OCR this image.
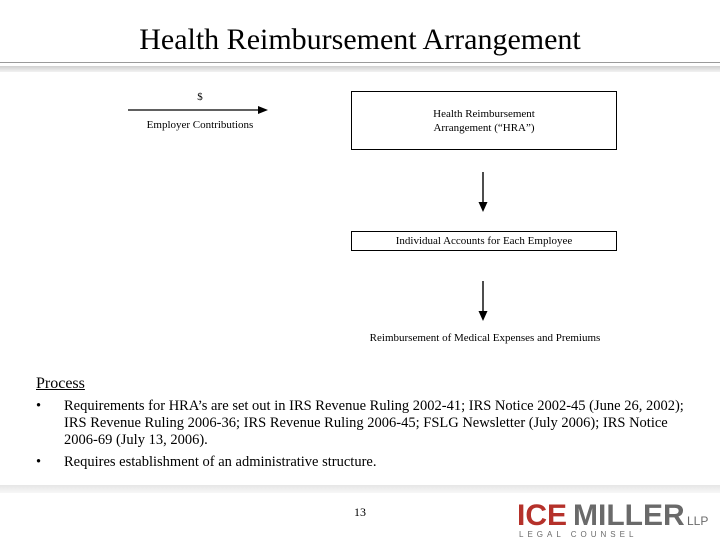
Health Reimbursement Arrangement
$
Employer Contributions
Health Reimbursement Arrangement (“HRA”)
Individual Accounts for Each Employee
Reimbursement of Medical Expenses and Premiums
Process
• Requirements for HRA’s are set out in IRS Revenue Ruling 2002-41; IRS Notice 2002-45 (June 26, 2002); IRS Revenue Ruling 2006-36; IRS Revenue Ruling 2006-45; FSLG Newsletter (July 2006); IRS Notice 2006-69 (July 13, 2006).
• Requires establishment of an administrative structure.
13	ICE MILLER LLP
LEGAL COUNSEL
